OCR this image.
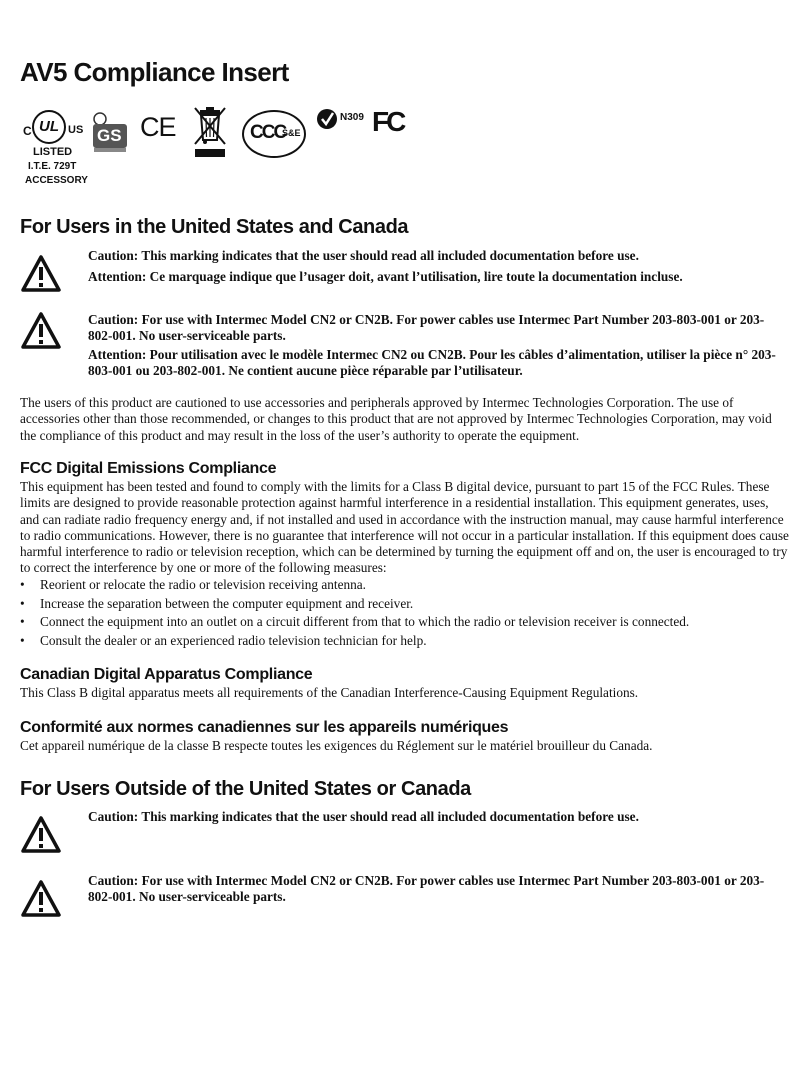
AV5 Compliance Insert
C UL US
LISTED
I.T.E. 729T
ACCESSORY
GS CE	CCC
S&E
N309 FC
For Users in the United States and Canada

Caution: This marking indicates that the user should read all included documentation before use.

Attention: Ce marquage indique que l’usager doit, avant l’utilisation, lire toute la documentation incluse.

Caution: For use with Intermec Model CN2 or CN2B. For power cables use Intermec Part Number 203-803-001 or 203-802-001. No user-serviceable parts.

Attention: Pour utilisation avec le modèle Intermec CN2 ou CN2B. Pour les câbles d’alimentation, utiliser la pièce n° 203-803-001 ou 203-802-001. Ne contient aucune pièce réparable par l’utilisateur.

The users of this product are cautioned to use accessories and peripherals approved by Intermec Technologies Corporation. The use of accessories other than those recommended, or changes to this product that are not approved by Intermec Technologies Corporation, may void the compliance of this product and may result in the loss of the user’s authority to operate the equipment.

FCC Digital Emissions Compliance

This equipment has been tested and found to comply with the limits for a Class B digital device, pursuant to part 15 of the FCC Rules. These limits are designed to provide reasonable protection against harmful interference in a residential installation. This equipment generates, uses, and can radiate radio frequency energy and, if not installed and used in accordance with the instruction manual, may cause harmful interference to radio communications. However, there is no guarantee that interference will not occur in a particular installation. If this equipment does cause harmful interference to radio or television reception, which can be determined by turning the equipment off and on, the user is encouraged to try to correct the interference by one or more of the following measures:

• Reorient or relocate the radio or television receiving antenna.
• Increase the separation between the computer equipment and receiver.
• Connect the equipment into an outlet on a circuit different from that to which the radio or television receiver is connected.
• Consult the dealer or an experienced radio television technician for help.
Canadian Digital Apparatus Compliance

This Class B digital apparatus meets all requirements of the Canadian Interference-Causing Equipment Regulations.

Conformité aux normes canadiennes sur les appareils numériques

Cet appareil numérique de la classe B respecte toutes les exigences du Réglement sur le matériel brouilleur du Canada.

For Users Outside of the United States or Canada

Caution: This marking indicates that the user should read all included documentation before use.

Caution: For use with Intermec Model CN2 or CN2B. For power cables use Intermec Part Number 203-803-001 or 203-802-001. No user-serviceable parts.
